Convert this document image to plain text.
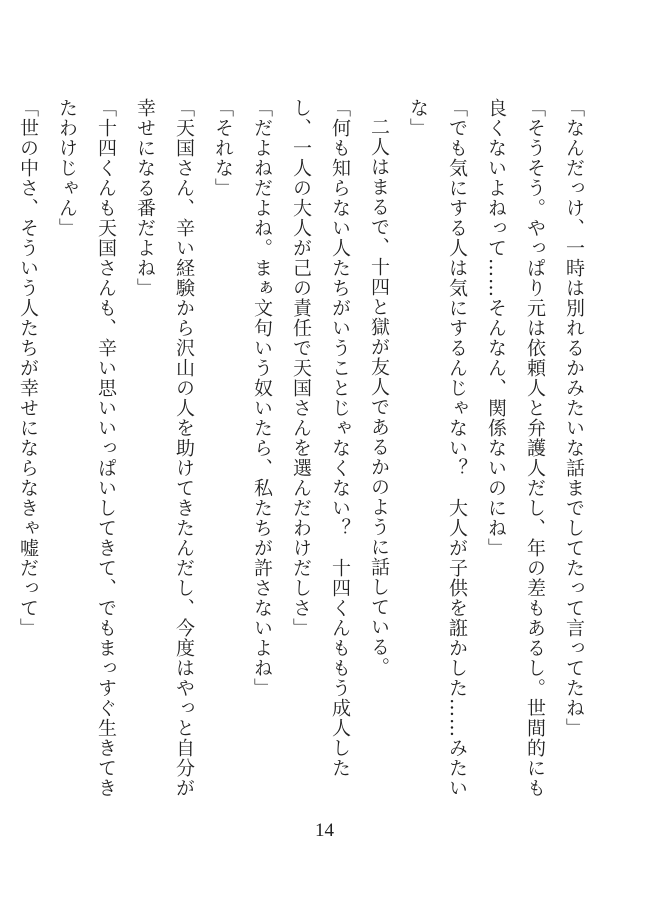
「なんだっけ、一時は別れるかみたいな話までしてたって言ってたね」

「そうそう。やっぱり元は依頼人と弁護人だし、年の差もあるし。世間的にも良くないよねって……そんなん、関係ないのにね」

「でも気にする人は気にするんじゃない？　大人が子供を誑かした……みたいな」

二人はまるで、十四と獄が友人であるかのように話している。

「何も知らない人たちがいうことじゃなくない？　十四くんももう成人したし、一人の大人が己の責任で天国さんを選んだわけだしさ」

「だよねだよね。まぁ文句いう奴いたら、私たちが許さないよね」

「それな」

「天国さん、辛い経験から沢山の人を助けてきたんだし、今度はやっと自分が幸せになる番だよね」

「十四くんも天国さんも、辛い思いいっぱいしてきて、でもまっすぐ生きてきたわけじゃん」

「世の中さ、そういう人たちが幸せにならなきゃ嘘だって」

14
